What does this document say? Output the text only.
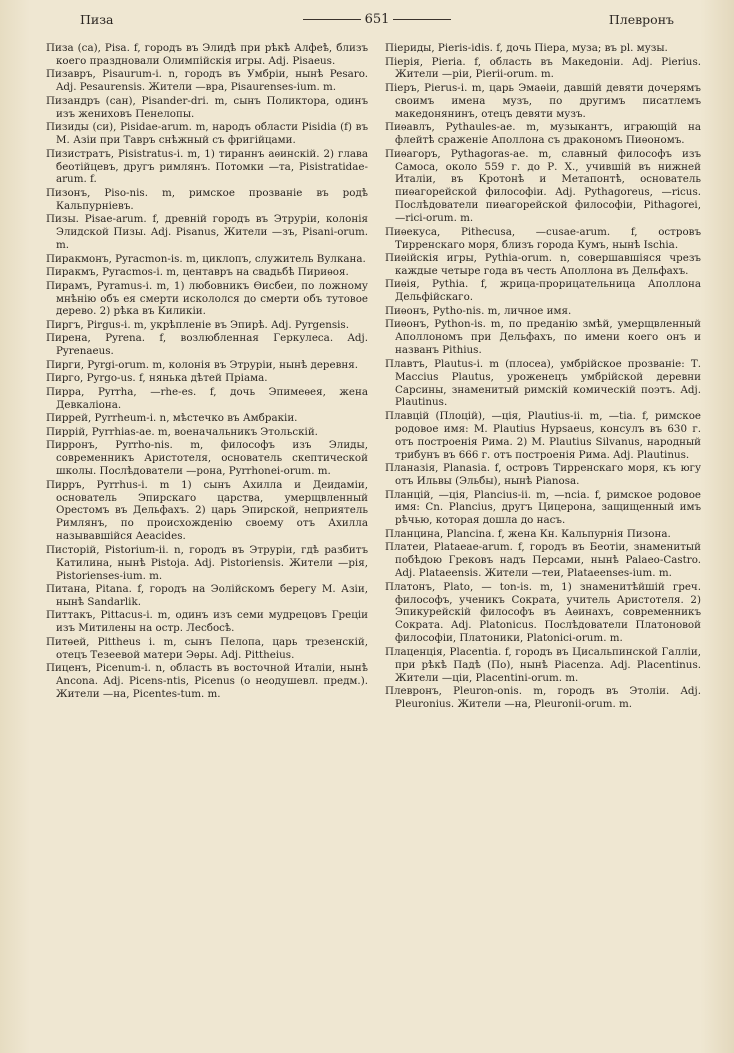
Пиза	651	Плевронъ

Пиза (са), Pisa. f, городъ въ Элидѣ при рѣкѣ Алфеѣ, близъ коего праздновали Олимпійскія игры. Adj. Pisaeus.

Пизавръ, Pisaurum-i. n, городъ въ Умбріи, нынѣ Pesaro. Adj. Pesaurensis. Жители —вра, Pisaurenses-ium. m.

Пизандръ (сан), Pisander-dri. m, сынъ Поликтора, одинъ изъ жениховъ Пенелопы.

Пизиды (си), Pisidae-arum. m, народъ области Pisidia (f) въ М. Азіи при Тавръ снѣжный съ фригійцами.

Пизистратъ, Pisistratus-i. m, 1) тираннъ аѳинскій. 2) глава беотійцевъ, другъ римлянъ. Потомки —та, Pisistratidae-arum. f.

Пизонъ, Piso-nis. m, римское прозваніе въ родѣ Кальпурніевъ.

Пизы. Pisae-arum. f, древній городъ въ Этруріи, колонія Элидской Пизы. Adj. Pisanus, Жители —зъ, Pisani-orum. m.

Пиракмонъ, Pyracmon-is. m, циклопъ, служитель Вулкана.

Пиракмъ, Pyracmos-i. m, центавръ на свадьбѣ Пириѳоя.

Пирамъ, Pyramus-i. m, 1) любовникъ Ѳисбеи, по ложному мнѣнію объ ея смерти искололся до смерти объ тутовое дерево. 2) рѣка въ Киликіи.

Пиргъ, Pirgus-i. m, укрѣпленіе въ Эпирѣ. Adj. Pyrgensis.

Пирена, Pyrena. f, возлюбленная Геркулеса. Adj. Pyrenaeus.

Пирги, Pyrgi-orum. m, колонія въ Этруріи, нынѣ деревня.

Пирго, Pyrgo-us. f, нянька дѣтей Пріама.

Пирра, Pyrrha, —rhe-es. f, дочь Эпимеѳея, жена Девкаліона.

Пиррей, Pyrrheum-i. n, мѣстечко въ Амбракіи.

Пиррій, Pyrrhias-ae. m, военачальникъ Этольскій.

Пирронъ, Pyrrho-nis. m, философъ изъ Элиды, современникъ Аристотеля, основатель скептической школы. Послѣдователи —рона, Pyrrhonei-orum. m.

Пирръ, Pyrrhus-i. m 1) сынъ Ахилла и Деидаміи, основатель Эпирскаго царства, умерщвленный Орестомъ въ Дельфахъ. 2) царь Эпирской, неприятель Римлянъ, по происхожденію своему отъ Ахилла называвшійся Aeacides.

Писторій, Pistorium-ii. n, городъ въ Этруріи, гдѣ разбитъ Катилина, нынѣ Pistoja. Adj. Pistoriensis. Жители —рія, Pistorienses-ium. m.

Питана, Pitana. f, городъ на Эолійскомъ берегу М. Азіи, нынѣ Sandarlik.

Питтакъ, Pittacus-i. m, одинъ изъ семи мудрецовъ Греціи изъ Митилены на остр. Лесбосѣ.

Питѳей, Pittheus i. m, сынъ Пелопа, царь трезенскій, отецъ Тезеевой матери Эѳры. Adj. Pittheius.

Пиценъ, Picenum-i. n, область въ восточной Италіи, нынѣ Ancona. Adj. Picens-ntis, Picenus (о неодушевл. предм.). Жители —на, Picentes-tum. m.

Піериды, Pieris-idis. f, дочь Піера, муза; въ pl. музы.

Піерія, Pieria. f, область въ Македоніи. Adj. Pierius. Жители —ріи, Pierii-orum. m.

Піеръ, Pierus-i. m, царь Эмаѳіи, давшій девяти дочерямъ своимъ имена музъ, по другимъ писатлемъ македонянинъ, отецъ девяти музъ.

Пиѳавлъ, Pythaules-ae. m, музыкантъ, играющій на флейтѣ сраженіе Аполлона съ дракономъ Пиѳономъ.

Пиѳагоръ, Pythagoras-ae. m, славный философъ изъ Самоса, около 559 г. до Р. Х., учившій въ нижней Италіи, въ Кротонѣ и Метапонтѣ, основатель пиѳагорейской философіи. Adj. Pythagoreus, —ricus. Послѣдователи пиѳагорейской философіи, Pithagorei, —rici-orum. m.

Пиѳекуса, Pithecusa, —cusae-arum. f, островъ Тирренскаго моря, близъ города Кумъ, нынѣ Ischia.

Пиѳійскія игры, Pythia-orum. n, совершавшіяся чрезъ каждые четыре года въ честь Аполлона въ Дельфахъ.

Пиѳія, Pythia. f, жрица-прорицательница Аполлона Дельфійскаго.

Пиѳонъ, Pytho-nis. m, личное имя.

Пиѳонъ, Python-is. m, по преданію змѣй, умерщвленный Аполлономъ при Дельфахъ, по имени коего онъ и названъ Pithius.

Плавтъ, Plautus-i. m (плосеа), умбрійское прозваніе: Т. Maccius Plautus, уроженецъ умбрійской деревни Сарсины, знаменитый римскій комическій поэтъ. Adj. Plautinus.

Плавцій (Плоцій), —ція, Plautius-ii. m, —tia. f, римское родовое имя: M. Plautius Hypsaeus, консулъ въ 630 г. отъ построенія Рима. 2) M. Plautius Silvanus, народный трибунъ въ 666 г. отъ построенія Рима. Adj. Plautinus.

Планазія, Planasia. f, островъ Тирренскаго моря, къ югу отъ Ильвы (Эльбы), нынѣ Pianosa.

Планцій, —ція, Plancius-ii. m, —ncia. f, римское родовое имя: Cn. Plancius, другъ Цицерона, защищенный имъ рѣчью, которая дошла до насъ.

Планцина, Plancina. f, жена Кн. Кальпурнія Пизона.

Платеи, Plataeae-arum. f, городъ въ Беотіи, знаменитый побѣдою Грековъ надъ Персами, нынѣ Palaeo-Castro. Adj. Plataeensis. Жители —теи, Plataeenses-ium. m.

Платонъ, Plato, — ton-is. m, 1) знаменитѣйшій греч. философъ, ученикъ Сократа, учитель Аристотеля. 2) Эпикурейскій философъ въ Аѳинахъ, современникъ Сократа. Adj. Platonicus. Послѣдователи Платоновой философіи, Платоники, Platonici-orum. m.

Плаценція, Placentia. f, городъ въ Цисальпинской Галліи, при рѣкѣ Падѣ (По), нынѣ Piacenza. Adj. Placentinus. Жители —ціи, Placentini-orum. m.

Плевронъ, Pleuron-onis. m, городъ въ Этоліи. Adj. Pleuronius. Жители —на, Pleuronii-orum. m.
